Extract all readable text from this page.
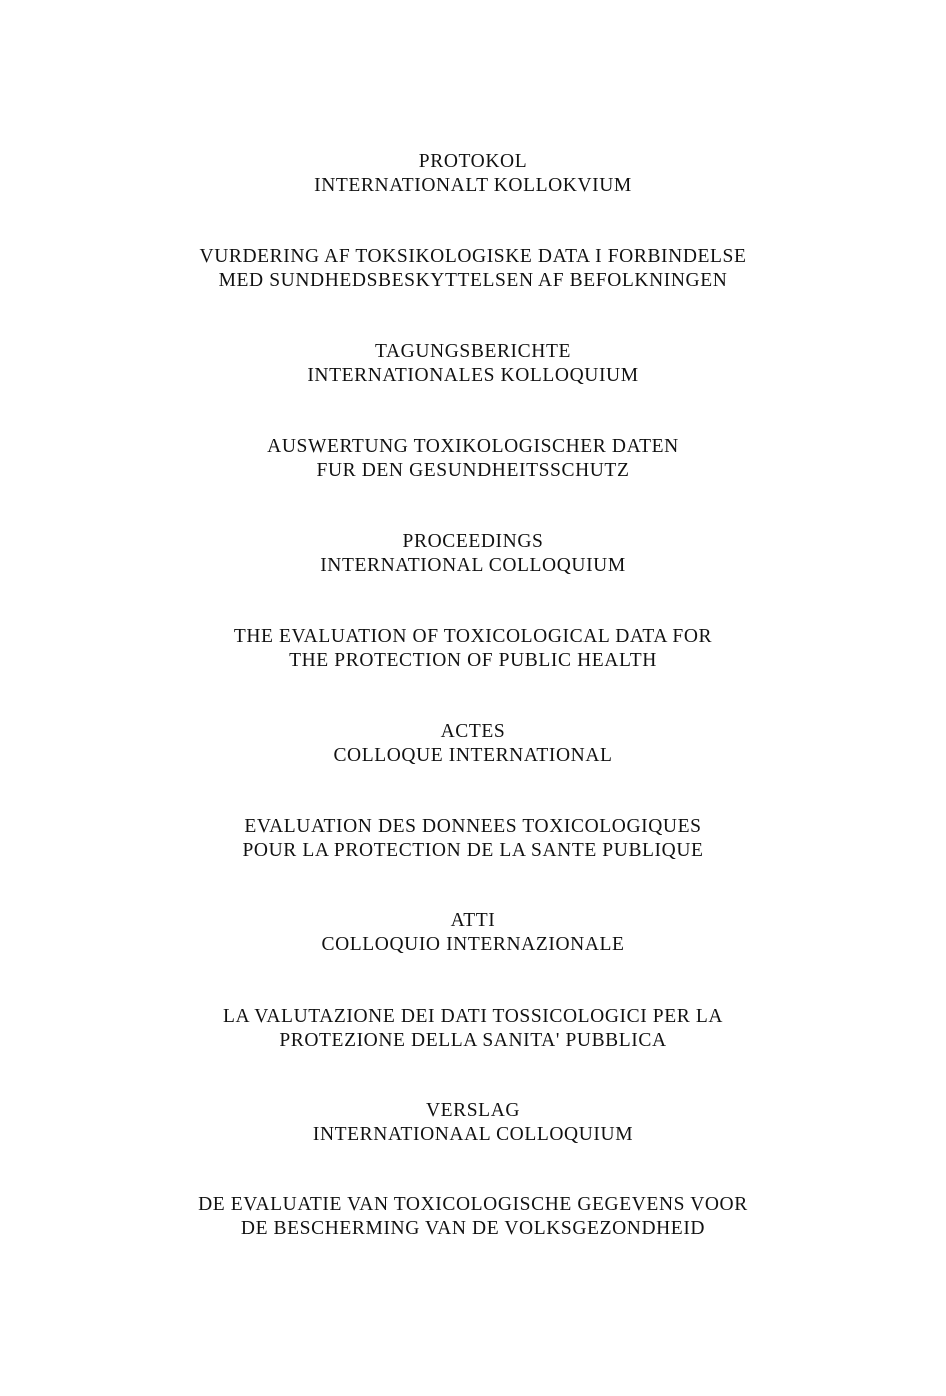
PROTOKOL
INTERNATIONALT KOLLOKVIUM
VURDERING AF TOKSIKOLOGISKE DATA I FORBINDELSE
MED SUNDHEDSBESKYTTELSEN AF BEFOLKNINGEN
TAGUNGSBERICHTE
INTERNATIONALES KOLLOQUIUM
AUSWERTUNG TOXIKOLOGISCHER DATEN
FUR DEN GESUNDHEITSSCHUTZ
PROCEEDINGS
INTERNATIONAL COLLOQUIUM
THE EVALUATION OF TOXICOLOGICAL DATA FOR
THE PROTECTION OF PUBLIC HEALTH
ACTES
COLLOQUE INTERNATIONAL
EVALUATION DES DONNEES TOXICOLOGIQUES
POUR LA PROTECTION DE LA SANTE PUBLIQUE
ATTI
COLLOQUIO INTERNAZIONALE
LA VALUTAZIONE DEI DATI TOSSICOLOGICI PER LA
PROTEZIONE DELLA SANITA' PUBBLICA
VERSLAG
INTERNATIONAAL COLLOQUIUM
DE EVALUATIE VAN TOXICOLOGISCHE GEGEVENS VOOR
DE BESCHERMING VAN DE VOLKSGEZONDHEID
